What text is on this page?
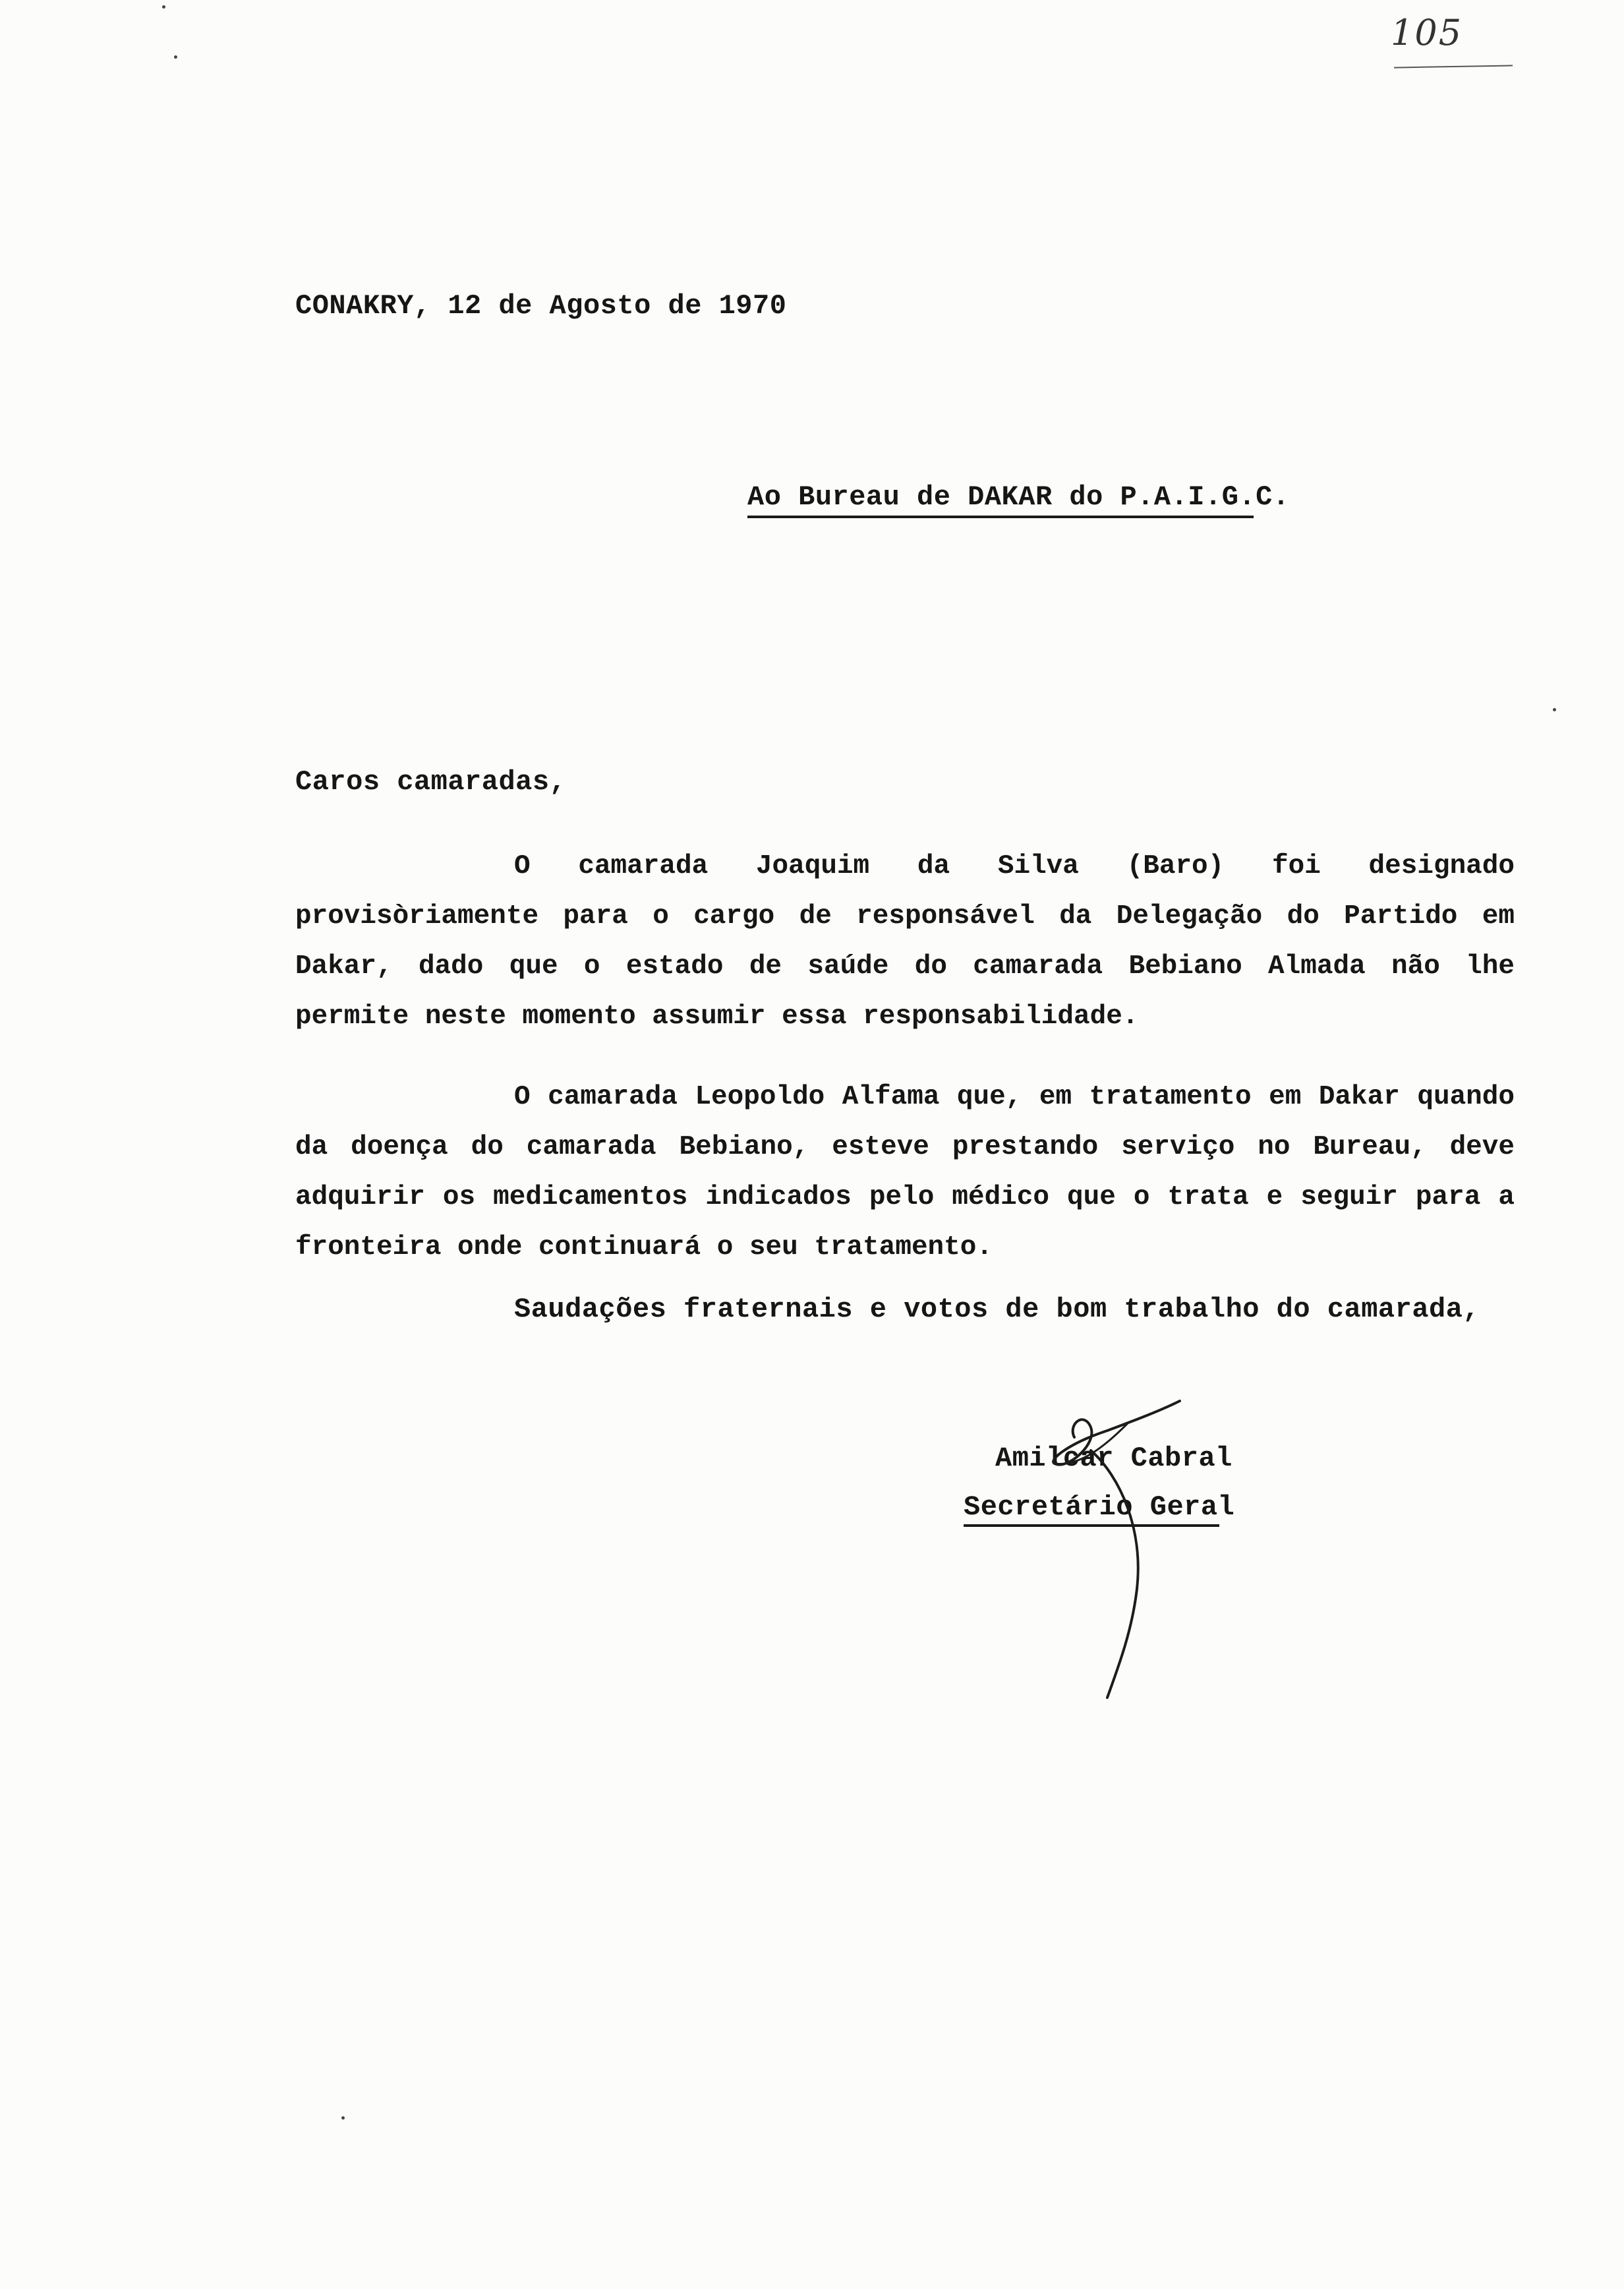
105
CONAKRY, 12 de Agosto de 1970
Ao Bureau de DAKAR do P.A.I.G.C.
Caros camaradas,

O camarada Joaquim da Silva (Baro) foi designado provisòriamente para o cargo de responsável da Delegação do Partido em Dakar, dado que o estado de saúde do camarada Bebiano Almada não lhe permite neste momento assumir essa responsabilidade.

O camarada Leopoldo Alfama que, em tratamento em Dakar quando da doença do camarada Bebiano, esteve prestando serviço no Bureau, deve adquirir os medicamentos indicados pelo médico que o trata e seguir para a fronteira onde continuará o seu tratamento.

Saudações fraternais e votos de bom trabalho do camarada,
Amilcar Cabral
Secretário Geral
